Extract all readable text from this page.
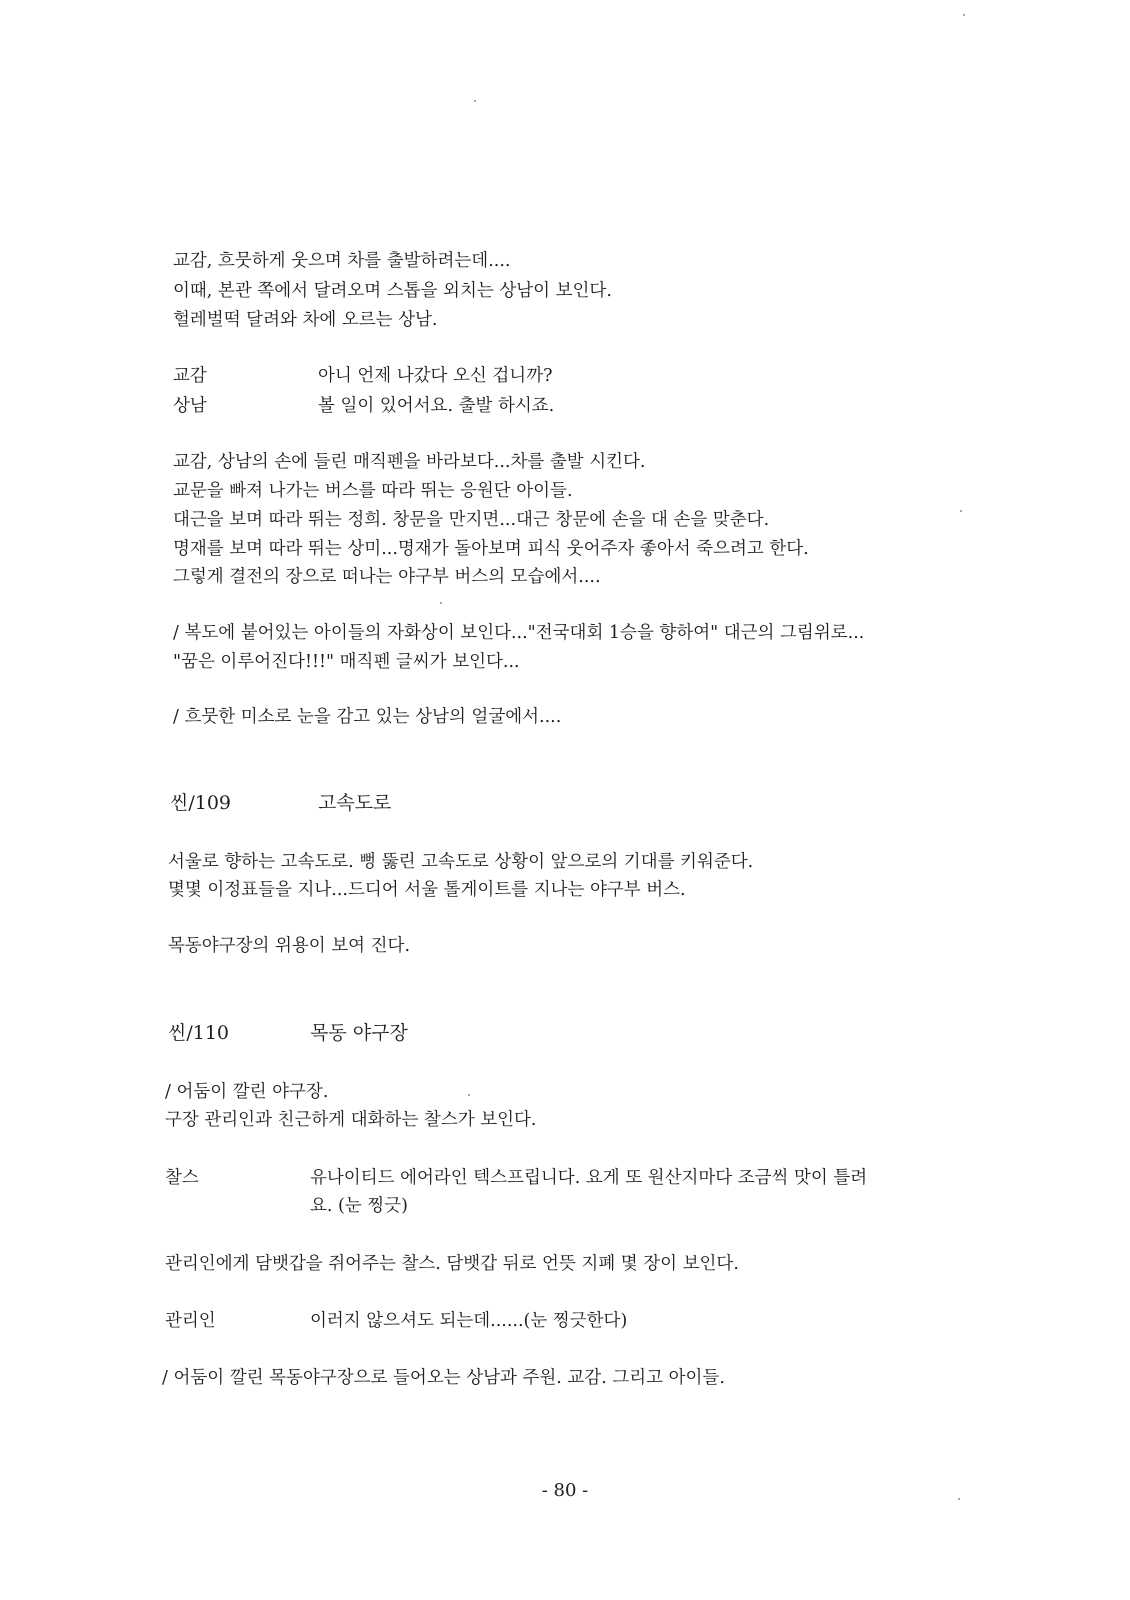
교감, 흐뭇하게 웃으며 차를 출발하려는데....
이때, 본관 쪽에서 달려오며 스톱을 외치는 상남이 보인다.
헐레벌떡 달려와 차에 오르는 상남.
교감	아니 언제 나갔다 오신 겁니까?
상남	볼 일이 있어서요. 출발 하시죠.
교감, 상남의 손에 들린 매직펜을 바라보다...차를 출발 시킨다.
교문을 빠져 나가는 버스를 따라 뛰는 응원단 아이들.
대근을 보며 따라 뛰는 정희. 창문을 만지면...대근 창문에 손을 대 손을 맞춘다.
명재를 보며 따라 뛰는 상미...명재가 돌아보며 피식 웃어주자 좋아서 죽으려고 한다.
그렇게 결전의 장으로 떠나는 야구부 버스의 모습에서....
/ 복도에 붙어있는 아이들의 자화상이 보인다..."전국대회 1승을 향하여" 대근의 그림위로...
"꿈은 이루어진다!!!" 매직펜 글씨가 보인다...
/ 흐뭇한 미소로 눈을 감고 있는 상남의 얼굴에서....
씬/109	고속도로
서울로 향하는 고속도로. 뻥 뚫린 고속도로 상황이 앞으로의 기대를 키워준다.
몇몇 이정표들을 지나...드디어 서울 톨게이트를 지나는 야구부 버스.
목동야구장의 위용이 보여 진다.
씬/110	목동 야구장
/ 어둠이 깔린 야구장.
구장 관리인과 친근하게 대화하는 찰스가 보인다.
찰스	유나이티드 에어라인 텍스프립니다. 요게 또 원산지마다 조금씩 맛이 틀려
요. (눈 찡긋)
관리인에게 담뱃갑을 쥐어주는 찰스. 담뱃갑 뒤로 언뜻 지폐 몇 장이 보인다.
관리인	이러지 않으셔도 되는데......(눈 찡긋한다)
/ 어둠이 깔린 목동야구장으로 들어오는 상남과 주원. 교감. 그리고 아이들.
- 80 -
